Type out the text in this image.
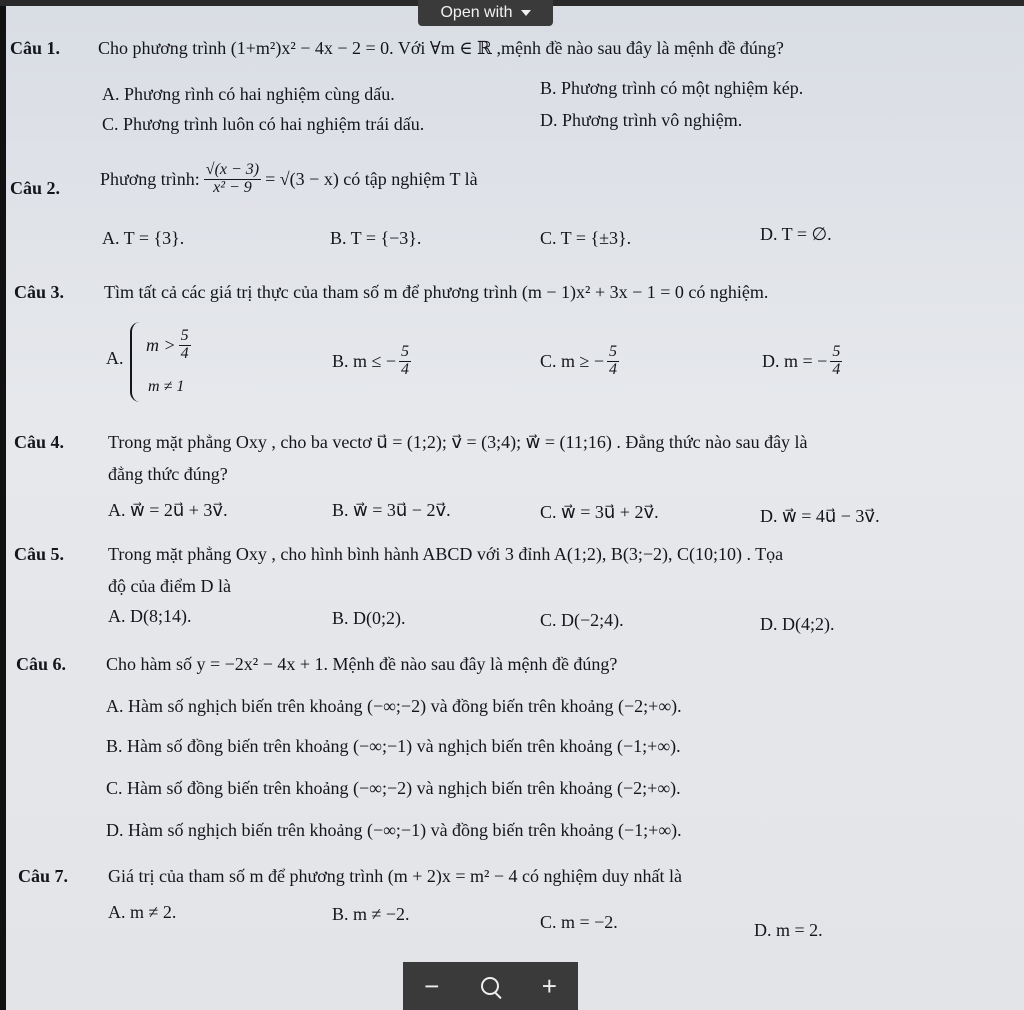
Open with
Câu 1. Cho phương trình (1+m²)x² − 4x − 2 = 0. Với ∀m ∈ ℝ ,mệnh đề nào sau đây là mệnh đề đúng?
A. Phương rình có hai nghiệm cùng dấu.	B. Phương trình có một nghiệm kép.
C. Phương trình luôn có hai nghiệm trái dấu.	D. Phương trình vô nghiệm.
Câu 2. Phương trình: $\frac{√(x - 3)}{\text{x² − 9}} = √(3 - x)$ có tập nghiệm T là
A. T = {3}.	B. T = {−3}.	C. T = {±3}.	D. T = ∅.
Câu 3. Tìm tất cả các giá trị thực của tham số m để phương trình (m − 1)x² + 3x − 1 = 0 có nghiệm.
A.
$m > \frac{5}{4}$
m ≠ 1
B. m ≤ − $\frac{5}{4}$	C. m ≥ − $\frac{5}{4}$	D. m = − $\frac{5}{4}$
Câu 4. Trong mặt phẳng Oxy , cho ba vectơ u⃗ = (1;2); v⃗ = (3;4); w⃗ = (11;16) . Đẳng thức nào sau đây là
đẳng thức đúng?
A. w⃗ = 2u⃗ + 3v⃗.	B. w⃗ = 3u⃗ − 2v⃗.	C. w⃗ = 3u⃗ + 2v⃗.	D. w⃗ = 4u⃗ − 3v⃗.
Câu 5. Trong mặt phẳng Oxy , cho hình bình hành ABCD với 3 đỉnh A(1;2), B(3;−2), C(10;10) . Tọa
độ của điểm D là
A. D(8;14).	B. D(0;2).	C. D(−2;4).	D. D(4;2).
Câu 6. Cho hàm số y = −2x² − 4x + 1. Mệnh đề nào sau đây là mệnh đề đúng?
A. Hàm số nghịch biến trên khoảng (−∞;−2) và đồng biến trên khoảng (−2;+∞).
B. Hàm số đồng biến trên khoảng (−∞;−1) và nghịch biến trên khoảng (−1;+∞).
C. Hàm số đồng biến trên khoảng (−∞;−2) và nghịch biến trên khoảng (−2;+∞).
D. Hàm số nghịch biến trên khoảng (−∞;−1) và đồng biến trên khoảng (−1;+∞).
Câu 7. Giá trị của tham số m để phương trình (m + 2)x = m² − 4 có nghiệm duy nhất là
A. m ≠ 2.	B. m ≠ −2.	C. m = −2.	D. m = 2.
−	+
